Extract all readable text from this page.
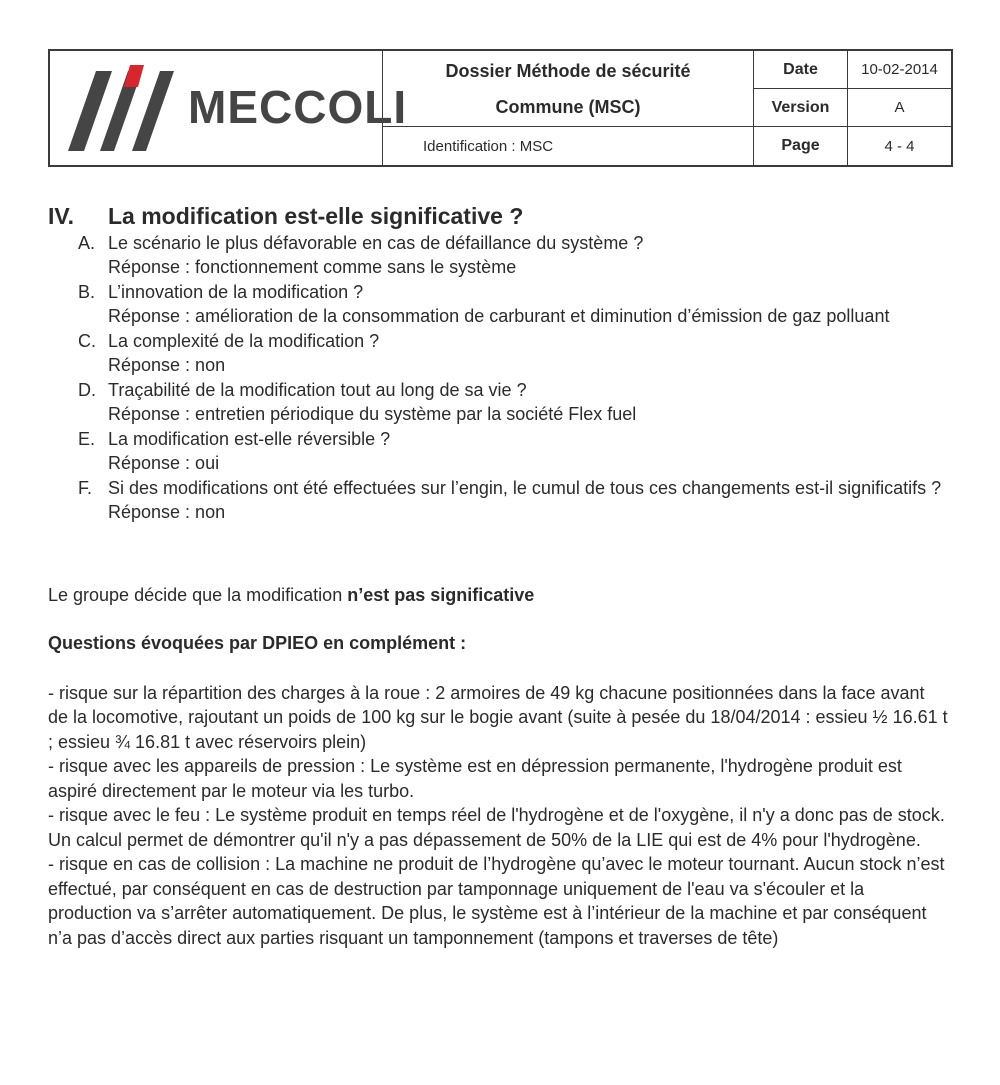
MECCOLI
Dossier Méthode de sécurité
Commune (MSC)
Identification : MSC
Date	10-02-2014
Version	A
Page	4 - 4
IV.	La modification est-elle significative ?
A. Le scénario le plus défavorable en cas de défaillance du système ?
Réponse : fonctionnement comme sans le système
B. L’innovation de la modification ?
Réponse : amélioration de la consommation de carburant et diminution d’émission de gaz polluant
C. La complexité de la modification ?
Réponse : non
D. Traçabilité de la modification tout au long de sa vie ?
Réponse : entretien périodique du système par la société Flex fuel
E. La modification est-elle réversible ?
Réponse : oui
F. Si des modifications ont été effectuées sur l’engin, le cumul de tous ces changements est-il significatifs ?
Réponse : non

Le groupe décide que la modification n’est pas significative

Questions évoquées par DPIEO en complément :

- risque sur la répartition des charges à la roue : 2 armoires de 49 kg chacune positionnées dans la face avant de la locomotive, rajoutant un poids de 100 kg sur le bogie avant (suite à pesée du 18/04/2014 : essieu ½ 16.61 t ; essieu ¾ 16.81 t avec réservoirs plein)

- risque avec les appareils de pression : Le système est en dépression permanente, l'hydrogène produit est aspiré directement par le moteur via les turbo.

- risque avec le feu : Le système produit en temps réel de l'hydrogène et de l'oxygène, il n'y a donc pas de stock. Un calcul permet de démontrer qu'il n'y a pas dépassement de 50% de la LIE qui est de 4% pour l'hydrogène.

- risque en cas de collision : La machine ne produit de l’hydrogène qu’avec le moteur tournant. Aucun stock n’est effectué, par conséquent en cas de destruction par tamponnage uniquement de l'eau va s'écouler et la production va s’arrêter automatiquement. De plus, le système est à l’intérieur de la machine et par conséquent n’a pas d’accès direct aux parties risquant un tamponnement (tampons et traverses de tête)
